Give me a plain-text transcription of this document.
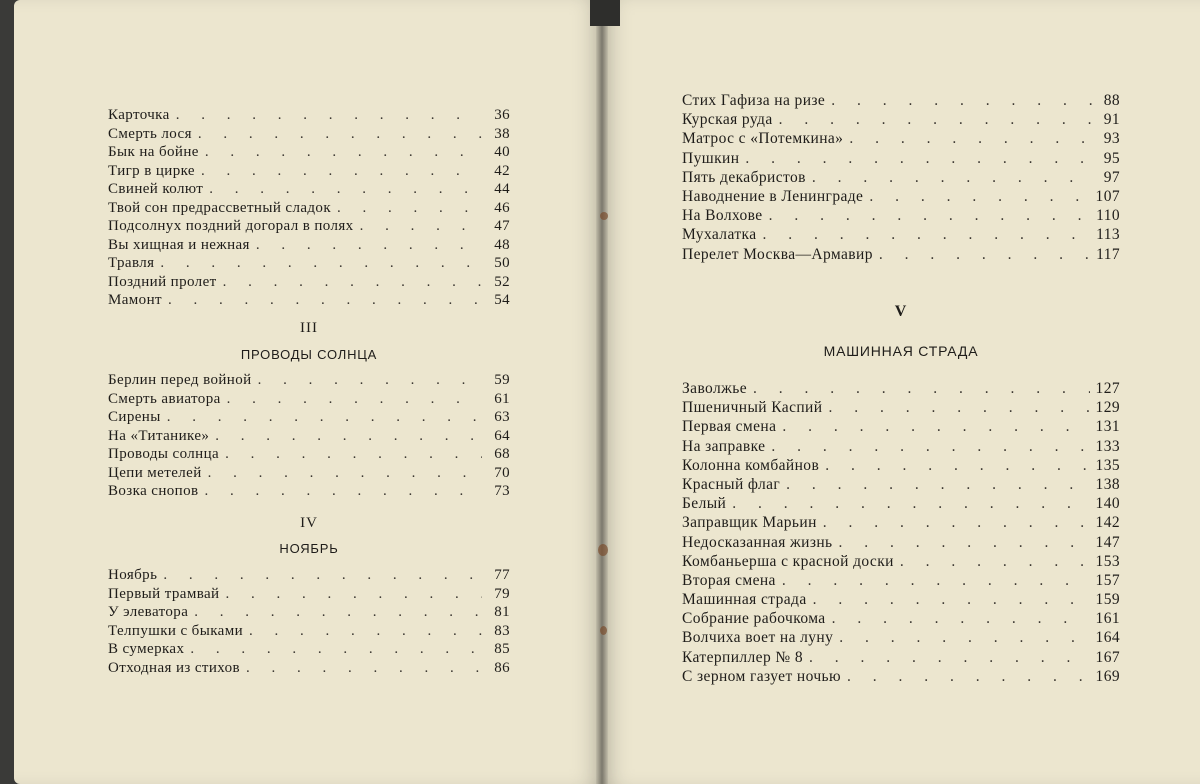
Карточка . . .	36
Смерть лося . . .	38
Бык на бойне . . .	40
Тигр в цирке . . .	42
Свиней колют . . .	44
Твой сон предрассветный сладок . . .	46
Подсолнух поздний догорал в полях . . .	47
Вы хищная и нежная . . .	48
Травля . . .	50
Поздний пролет . . .	52
Мамонт . . .	54
III
ПРОВОДЫ СОЛНЦА
Берлин перед войной . . .	59
Смерть авиатора . . .	61
Сирены . . .	63
На «Титанике» . . .	64
Проводы солнца . . .	68
Цепи метелей . . .	70
Возка снопов . . .	73
IV
НОЯБРЬ
Ноябрь . . .	77
Первый трамвай . . .	79
У элеватора . . .	81
Телпушки с быками . . .	83
В сумерках . . .	85
Отходная из стихов . . .	86
Стих Гафиза на ризе . . .	88
Курская руда . . .	91
Матрос с «Потемкина» . . .	93
Пушкин . . .	95
Пять декабристов . . .	97
Наводнение в Ленинграде . . .	107
На Волхове . . .	110
Мухалатка . . .	113
Перелет Москва—Армавир . . .	117
V
МАШИННАЯ СТРАДА
Заволжье . . .	127
Пшеничный Каспий . . .	129
Первая смена . . .	131
На заправке . . .	133
Колонна комбайнов . . .	135
Красный флаг . . .	138
Белый . . .	140
Заправщик Марьин . . .	142
Недосказанная жизнь . . .	147
Комбаньерша с красной доски . . .	153
Вторая смена . . .	157
Машинная страда . . .	159
Собрание рабочкома . . .	161
Волчиха воет на луну . . .	164
Катерпиллер № 8 . . .	167
С зерном газует ночью . . .	169
